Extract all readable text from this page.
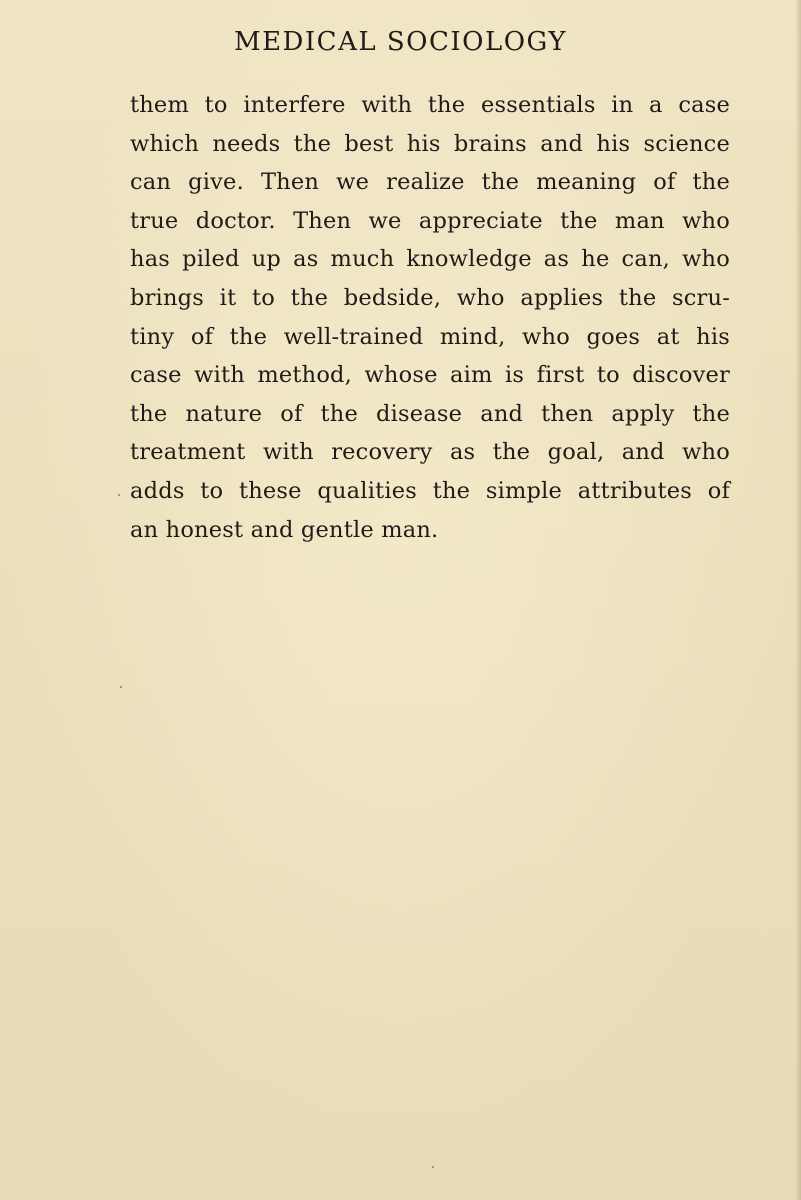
MEDICAL SOCIOLOGY
them to interfere with the essentials in a case
which needs the best his brains and his science
can give. Then we realize the meaning of the
true doctor. Then we appreciate the man who
has piled up as much knowledge as he can, who
brings it to the bedside, who applies the scru-
tiny of the well-trained mind, who goes at his
case with method, whose aim is first to discover
the nature of the disease and then apply the
treatment with recovery as the goal, and who
adds to these qualities the simple attributes of
an honest and gentle man.
